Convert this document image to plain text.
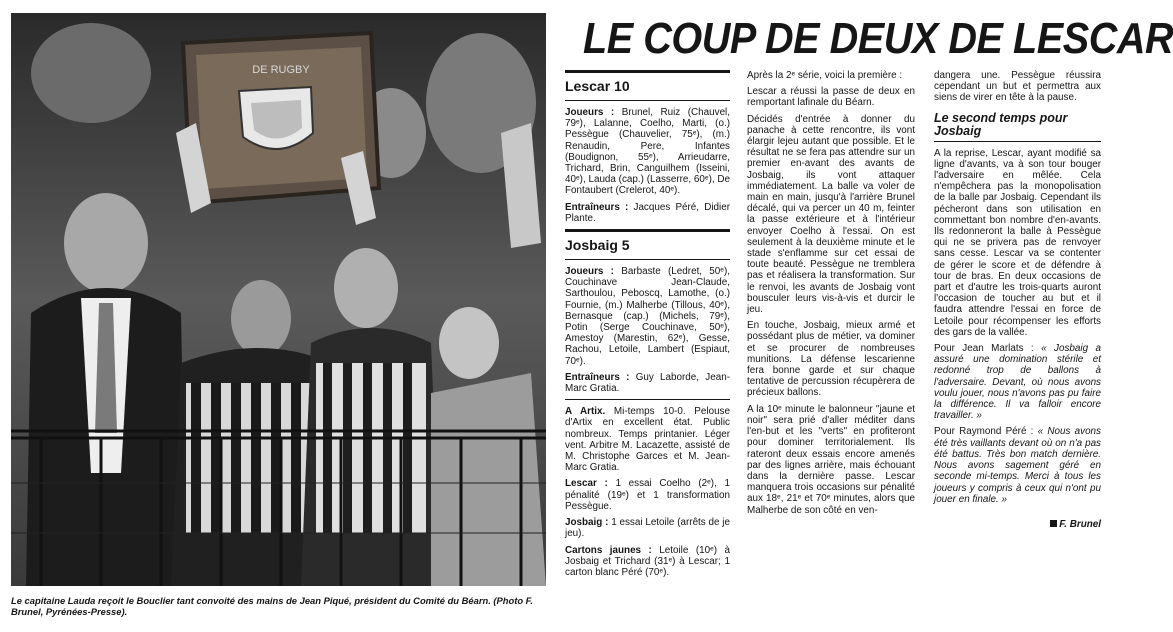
DE RUGBY
Le capitaine Lauda reçoit le Bouclier tant convoité des mains de Jean Piqué, président du Comité du Béarn. (Photo F. Brunel, Pyrénées-Presse).
LE COUP DE DEUX DE LESCAR
Lescar 10

Joueurs : Brunel, Ruiz (Chauvel, 79ᵉ), Lalanne, Coelho, Marti, (o.) Pessègue (Chauvelier, 75ᵉ), (m.) Renaudin, Pere, Infantes (Boudignon, 55ᵉ), Arrieudarre, Trichard, Brin, Canguilhem (Isseini, 40ᵉ), Lauda (cap.) (Lasserre, 60ᵉ), De Fontaubert (Crelerot, 40ᵉ).

Entraîneurs : Jacques Péré, Didier Plante.

Josbaig 5

Joueurs : Barbaste (Ledret, 50ᵉ), Couchinave Jean-Claude, Sarthoulou, Peboscq, Lamothe, (o.) Fournie, (m.) Malherbe (Tillous, 40ᵉ), Bernasque (cap.) (Michels, 79ᵉ), Potin (Serge Couchinave, 50ᵉ), Amestoy (Marestin, 62ᵉ), Gesse, Rachou, Letoile, Lambert (Espiaut, 70ᵉ).

Entraîneurs : Guy Laborde, Jean-Marc Gratia.

A Artix. Mi-temps 10-0. Pelouse d'Artix en excellent état. Public nombreux. Temps printanier. Léger vent. Arbitre M. Lacazette, assisté de M. Christophe Garces et M. Jean-Marc Gratia.

Lescar : 1 essai Coelho (2ᵉ), 1 pénalité (19ᵉ) et 1 transformation Pessègue.

Josbaig : 1 essai Letoile (arrêts de je jeu).

Cartons jaunes : Letoile (10ᵉ) à Josbaig et Trichard (31ᵉ) à Lescar; 1 carton blanc Péré (70ᵉ).

Après la 2ᵉ série, voici la première :

Lescar a réussi la passe de deux en remportant lafinale du Béarn.

Décidés d'entrée à donner du panache à cette rencontre, ils vont élargir lejeu autant que possible. Et le résultat ne se fera pas attendre sur un premier en-avant des avants de Josbaig, ils vont attaquer immédiatement. La balle va voler de main en main, jusqu'à l'arrière Brunel décalé, qui va percer un 40 m, feinter la passe extérieure et à l'intérieur envoyer Coelho à l'essai. On est seulement à la deuxième minute et le stade s'enflamme sur cet essai de toute beauté. Pessègue ne tremblera pas et réalisera la transformation. Sur le renvoi, les avants de Josbaig vont bousculer leurs vis-à-vis et durcir le jeu.

En touche, Josbaig, mieux armé et possédant plus de métier, va dominer et se procurer de nombreuses munitions. La défense lescarienne fera bonne garde et sur chaque tentative de percussion récupèrera de précieux ballons.

A la 10ᵉ minute le balonneur "jaune et noir" sera prié d'aller méditer dans l'en-but et les "verts" en profiteront pour dominer territorialement. Ils rateront deux essais encore amenés par des lignes arrière, mais échouant dans la dernière passe. Lescar manquera trois occasions sur pénalité aux 18ᵉ, 21ᵉ et 70ᵉ minutes, alors que Malherbe de son côté en ven-

dangera une. Pessègue réussira cependant un but et permettra aux siens de virer en tête à la pause.

Le second temps pour Josbaig

A la reprise, Lescar, ayant modifié sa ligne d'avants, va à son tour bouger l'adversaire en mêlée. Cela n'empêchera pas la monopolisation de la balle par Josbaig. Cependant ils pécheront dans son utilisation en commettant bon nombre d'en-avants. Ils redonneront la balle à Pessègue qui ne se privera pas de renvoyer sans cesse. Lescar va se contenter de gérer le score et de défendre à tour de bras. En deux occasions de part et d'autre les trois-quarts auront l'occasion de toucher au but et il faudra attendre l'essai en force de Letoile pour récompenser les efforts des gars de la vallée.

Pour Jean Marlats : « Josbaig a assuré une domination stérile et redonné trop de ballons à l'adversaire. Devant, où nous avons voulu jouer, nous n'avons pas pu faire la différence. Il va falloir encore travailler. »

Pour Raymond Péré : « Nous avons été très vaillants devant où on n'a pas été battus. Très bon match dernière. Nous avons sagement géré en seconde mi-temps. Merci à tous les joueurs y compris à ceux qui n'ont pu jouer en finale. »

F. Brunel
